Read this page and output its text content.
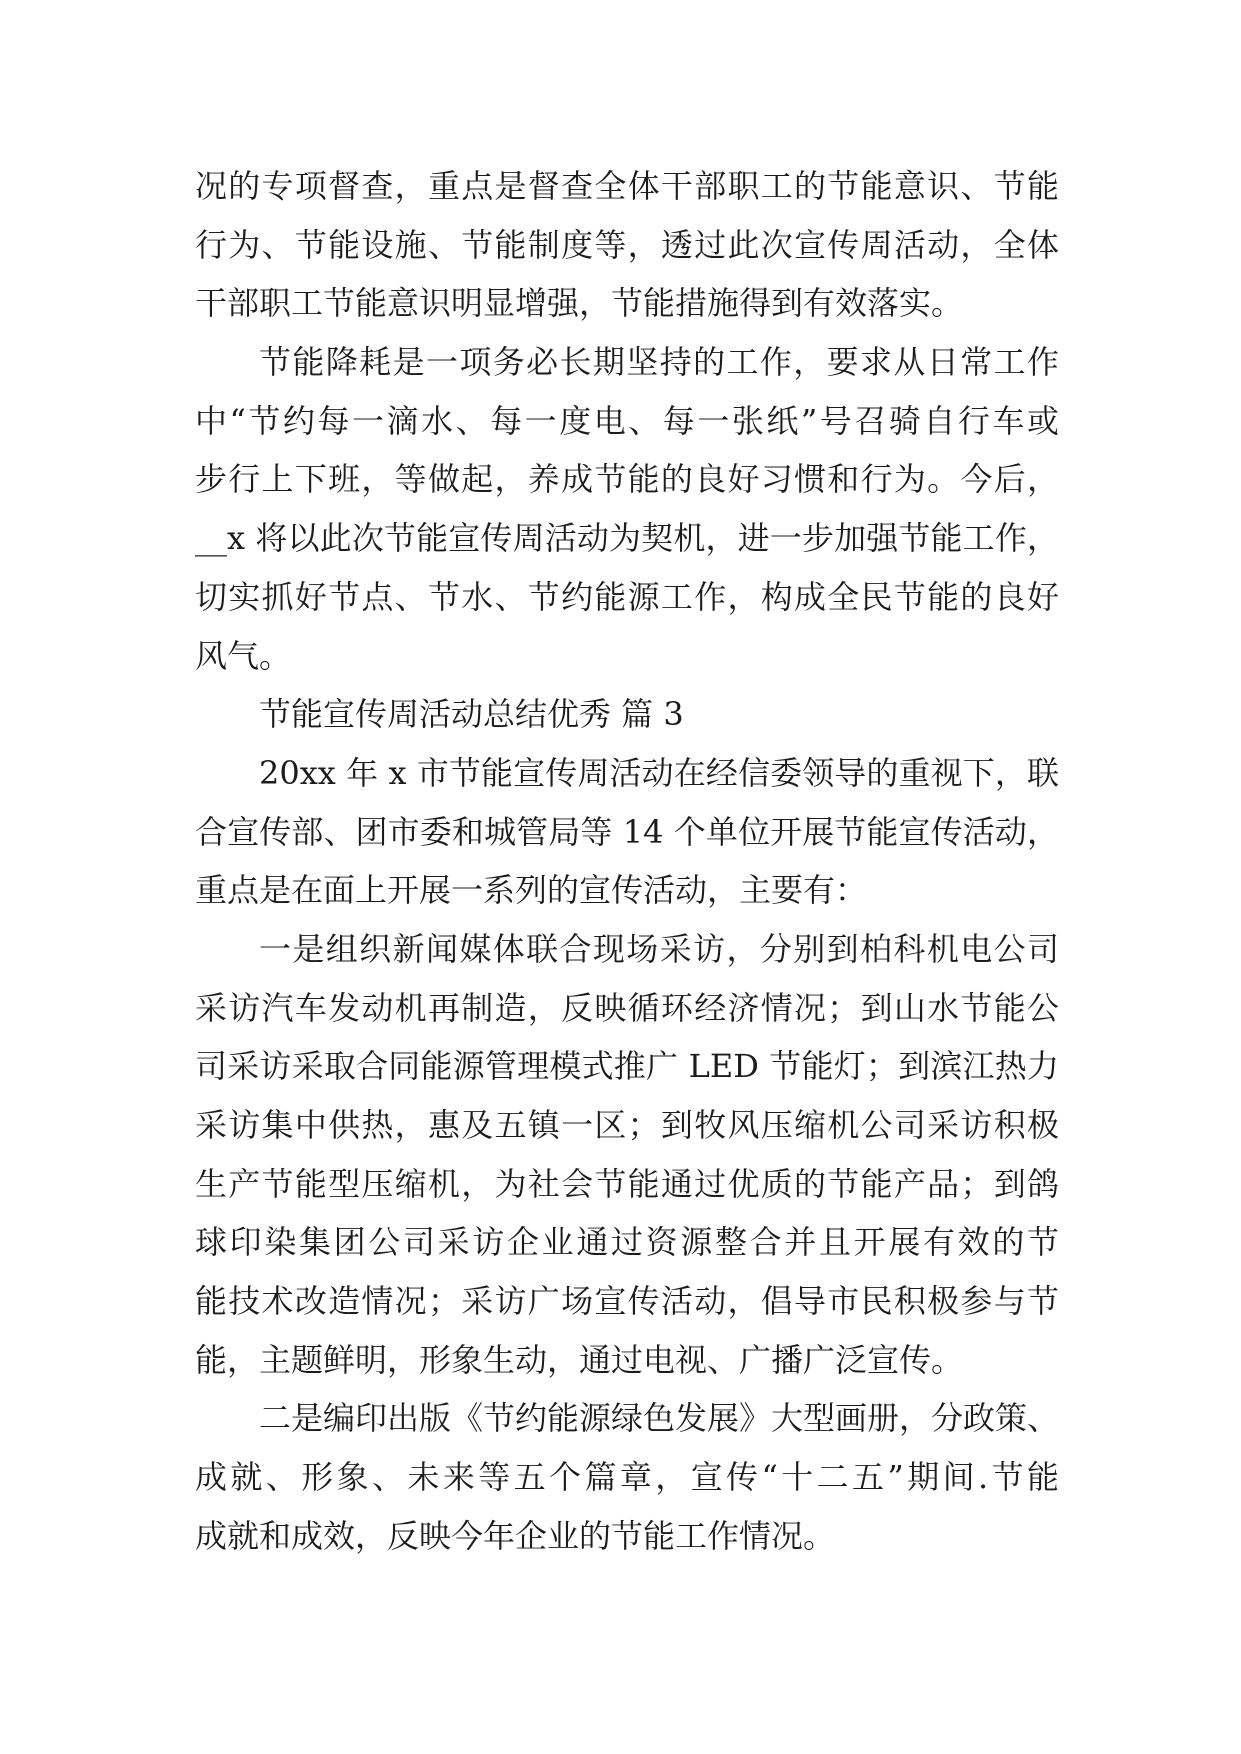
况的专项督查，重点是督查全体干部职工的节能意识、节能
行为、节能设施、节能制度等，透过此次宣传周活动，全体
干部职工节能意识明显增强，节能措施得到有效落实。
节能降耗是一项务必长期坚持的工作，要求从日常工作
中“节约每一滴水、每一度电、每一张纸”号召骑自行车或
步行上下班，等做起，养成节能的良好习惯和行为。今后，
__x 将以此次节能宣传周活动为契机，进一步加强节能工作，
切实抓好节点、节水、节约能源工作，构成全民节能的良好
风气。
节能宣传周活动总结优秀 篇 3
20xx 年 x 市节能宣传周活动在经信委领导的重视下，联
合宣传部、团市委和城管局等 14 个单位开展节能宣传活动，
重点是在面上开展一系列的宣传活动，主要有：
一是组织新闻媒体联合现场采访，分别到柏科机电公司
采访汽车发动机再制造，反映循环经济情况；到山水节能公
司采访采取合同能源管理模式推广 LED 节能灯；到滨江热力
采访集中供热，惠及五镇一区；到牧风压缩机公司采访积极
生产节能型压缩机，为社会节能通过优质的节能产品；到鸽
球印染集团公司采访企业通过资源整合并且开展有效的节
能技术改造情况；采访广场宣传活动，倡导市民积极参与节
能，主题鲜明，形象生动，通过电视、广播广泛宣传。
二是编印出版《节约能源绿色发展》大型画册，分政策、
成就、形象、未来等五个篇章，宣传“十二五”期间.节能
成就和成效，反映今年企业的节能工作情况。
